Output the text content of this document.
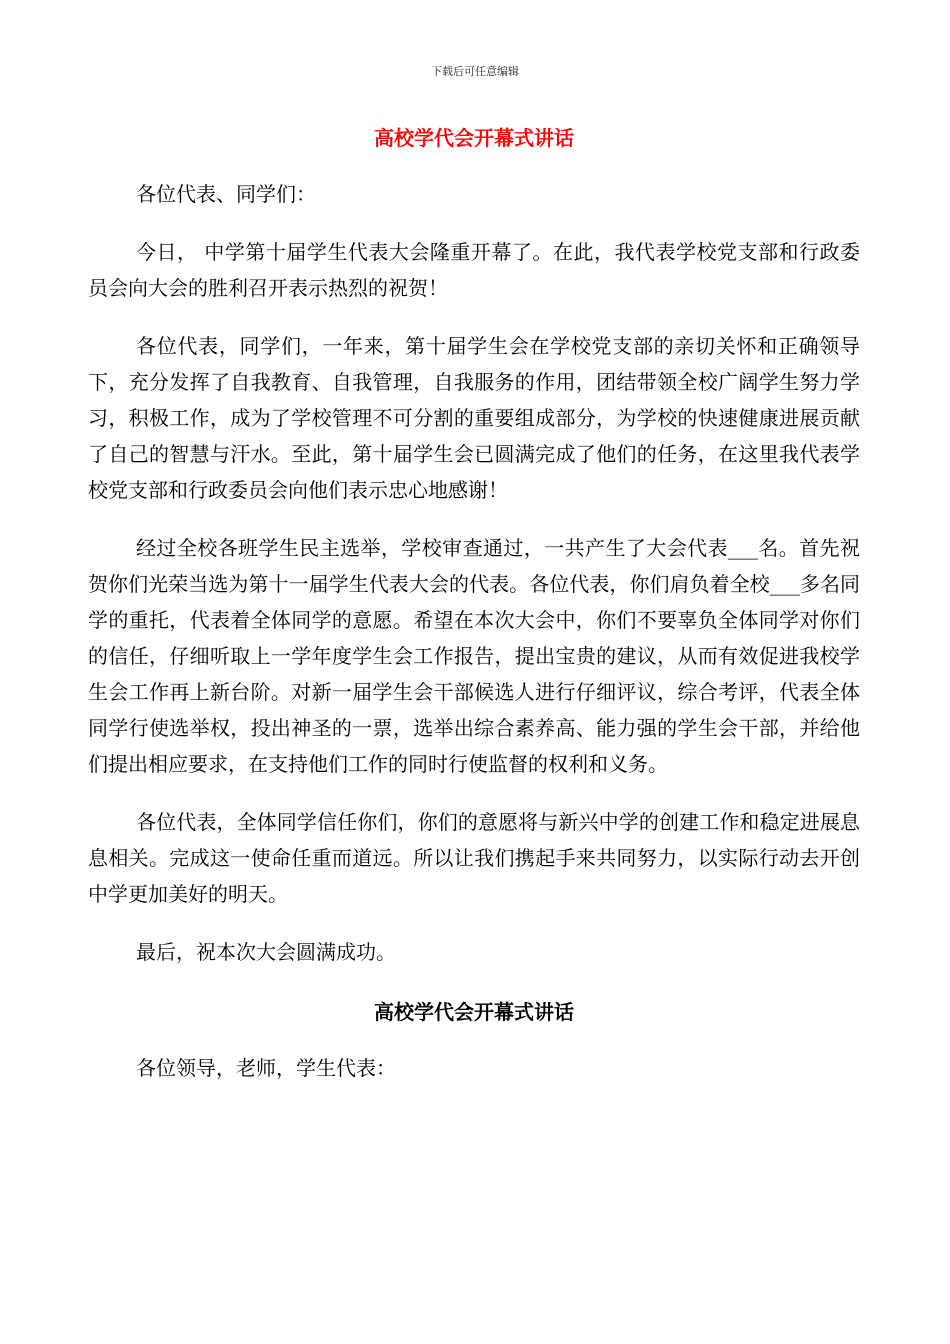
下载后可任意编辑
高校学代会开幕式讲话

各位代表、同学们：

今日， 中学第十届学生代表大会隆重开幕了。在此，我代表学校党支部和行政委员会向大会的胜利召开表示热烈的祝贺！

各位代表，同学们，一年来，第十届学生会在学校党支部的亲切关怀和正确领导下，充分发挥了自我教育、自我管理，自我服务的作用，团结带领全校广阔学生努力学习，积极工作，成为了学校管理不可分割的重要组成部分，为学校的快速健康进展贡献了自己的智慧与汗水。至此，第十届学生会已圆满完成了他们的任务，在这里我代表学校党支部和行政委员会向他们表示忠心地感谢！

经过全校各班学生民主选举，学校审查通过，一共产生了大会代表___名。首先祝贺你们光荣当选为第十一届学生代表大会的代表。各位代表，你们肩负着全校___多名同学的重托，代表着全体同学的意愿。希望在本次大会中，你们不要辜负全体同学对你们的信任，仔细听取上一学年度学生会工作报告，提出宝贵的建议，从而有效促进我校学生会工作再上新台阶。对新一届学生会干部候选人进行仔细评议，综合考评，代表全体同学行使选举权，投出神圣的一票，选举出综合素养高、能力强的学生会干部，并给他们提出相应要求，在支持他们工作的同时行使监督的权利和义务。

各位代表，全体同学信任你们，你们的意愿将与新兴中学的创建工作和稳定进展息息相关。完成这一使命任重而道远。所以让我们携起手来共同努力，以实际行动去开创 中学更加美好的明天。

最后，祝本次大会圆满成功。

高校学代会开幕式讲话

各位领导，老师，学生代表：
